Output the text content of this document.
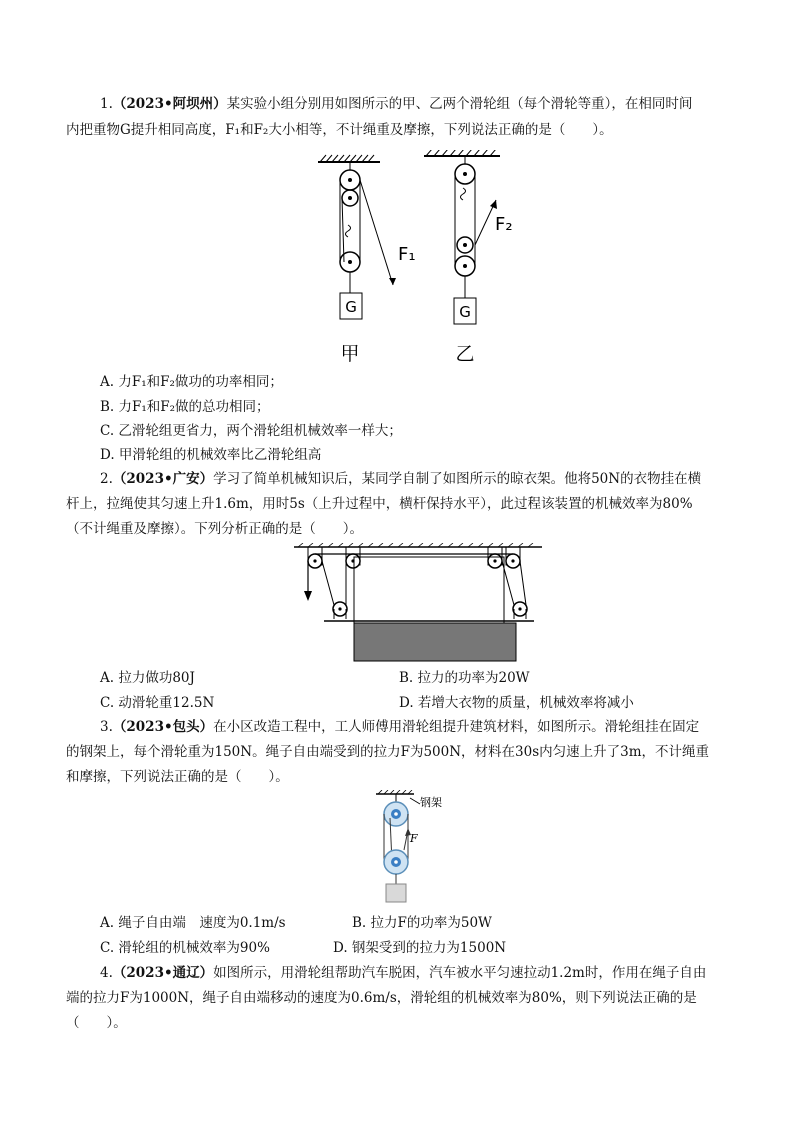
1.（2023•阿坝州）某实验小组分别用如图所示的甲、乙两个滑轮组（每个滑轮等重），在相同时间
内把重物G提升相同高度，F₁和F₂大小相等，不计绳重及摩擦，下列说法正确的是（　　）。
G
F₁
甲
G
F₂
乙
A. 力F₁和F₂做功的功率相同；
B. 力F₁和F₂做的总功相同；
C. 乙滑轮组更省力，两个滑轮组机械效率一样大；
D. 甲滑轮组的机械效率比乙滑轮组高
2.（2023•广安）学习了简单机械知识后，某同学自制了如图所示的晾衣架。他将50N的衣物挂在横
杆上，拉绳使其匀速上升1.6m，用时5s（上升过程中，横杆保持水平），此过程该装置的机械效率为80%
（不计绳重及摩擦）。下列分析正确的是（　　）。
A. 拉力做功80J	B. 拉力的功率为20W
C. 动滑轮重12.5N	D. 若增大衣物的质量，机械效率将减小
3.（2023•包头）在小区改造工程中，工人师傅用滑轮组提升建筑材料，如图所示。滑轮组挂在固定
的钢架上，每个滑轮重为150N。绳子自由端受到的拉力F为500N，材料在30s内匀速上升了3m，不计绳重
和摩擦，下列说法正确的是（　　）。
钢架
F
A. 绳子自由端　速度为0.1m/s	B. 拉力F的功率为50W
C. 滑轮组的机械效率为90%	D. 钢架受到的拉力为1500N
4.（2023•通辽）如图所示，用滑轮组帮助汽车脱困，汽车被水平匀速拉动1.2m时，作用在绳子自由
端的拉力F为1000N，绳子自由端移动的速度为0.6m/s，滑轮组的机械效率为80%，则下列说法正确的是
（　　）。
